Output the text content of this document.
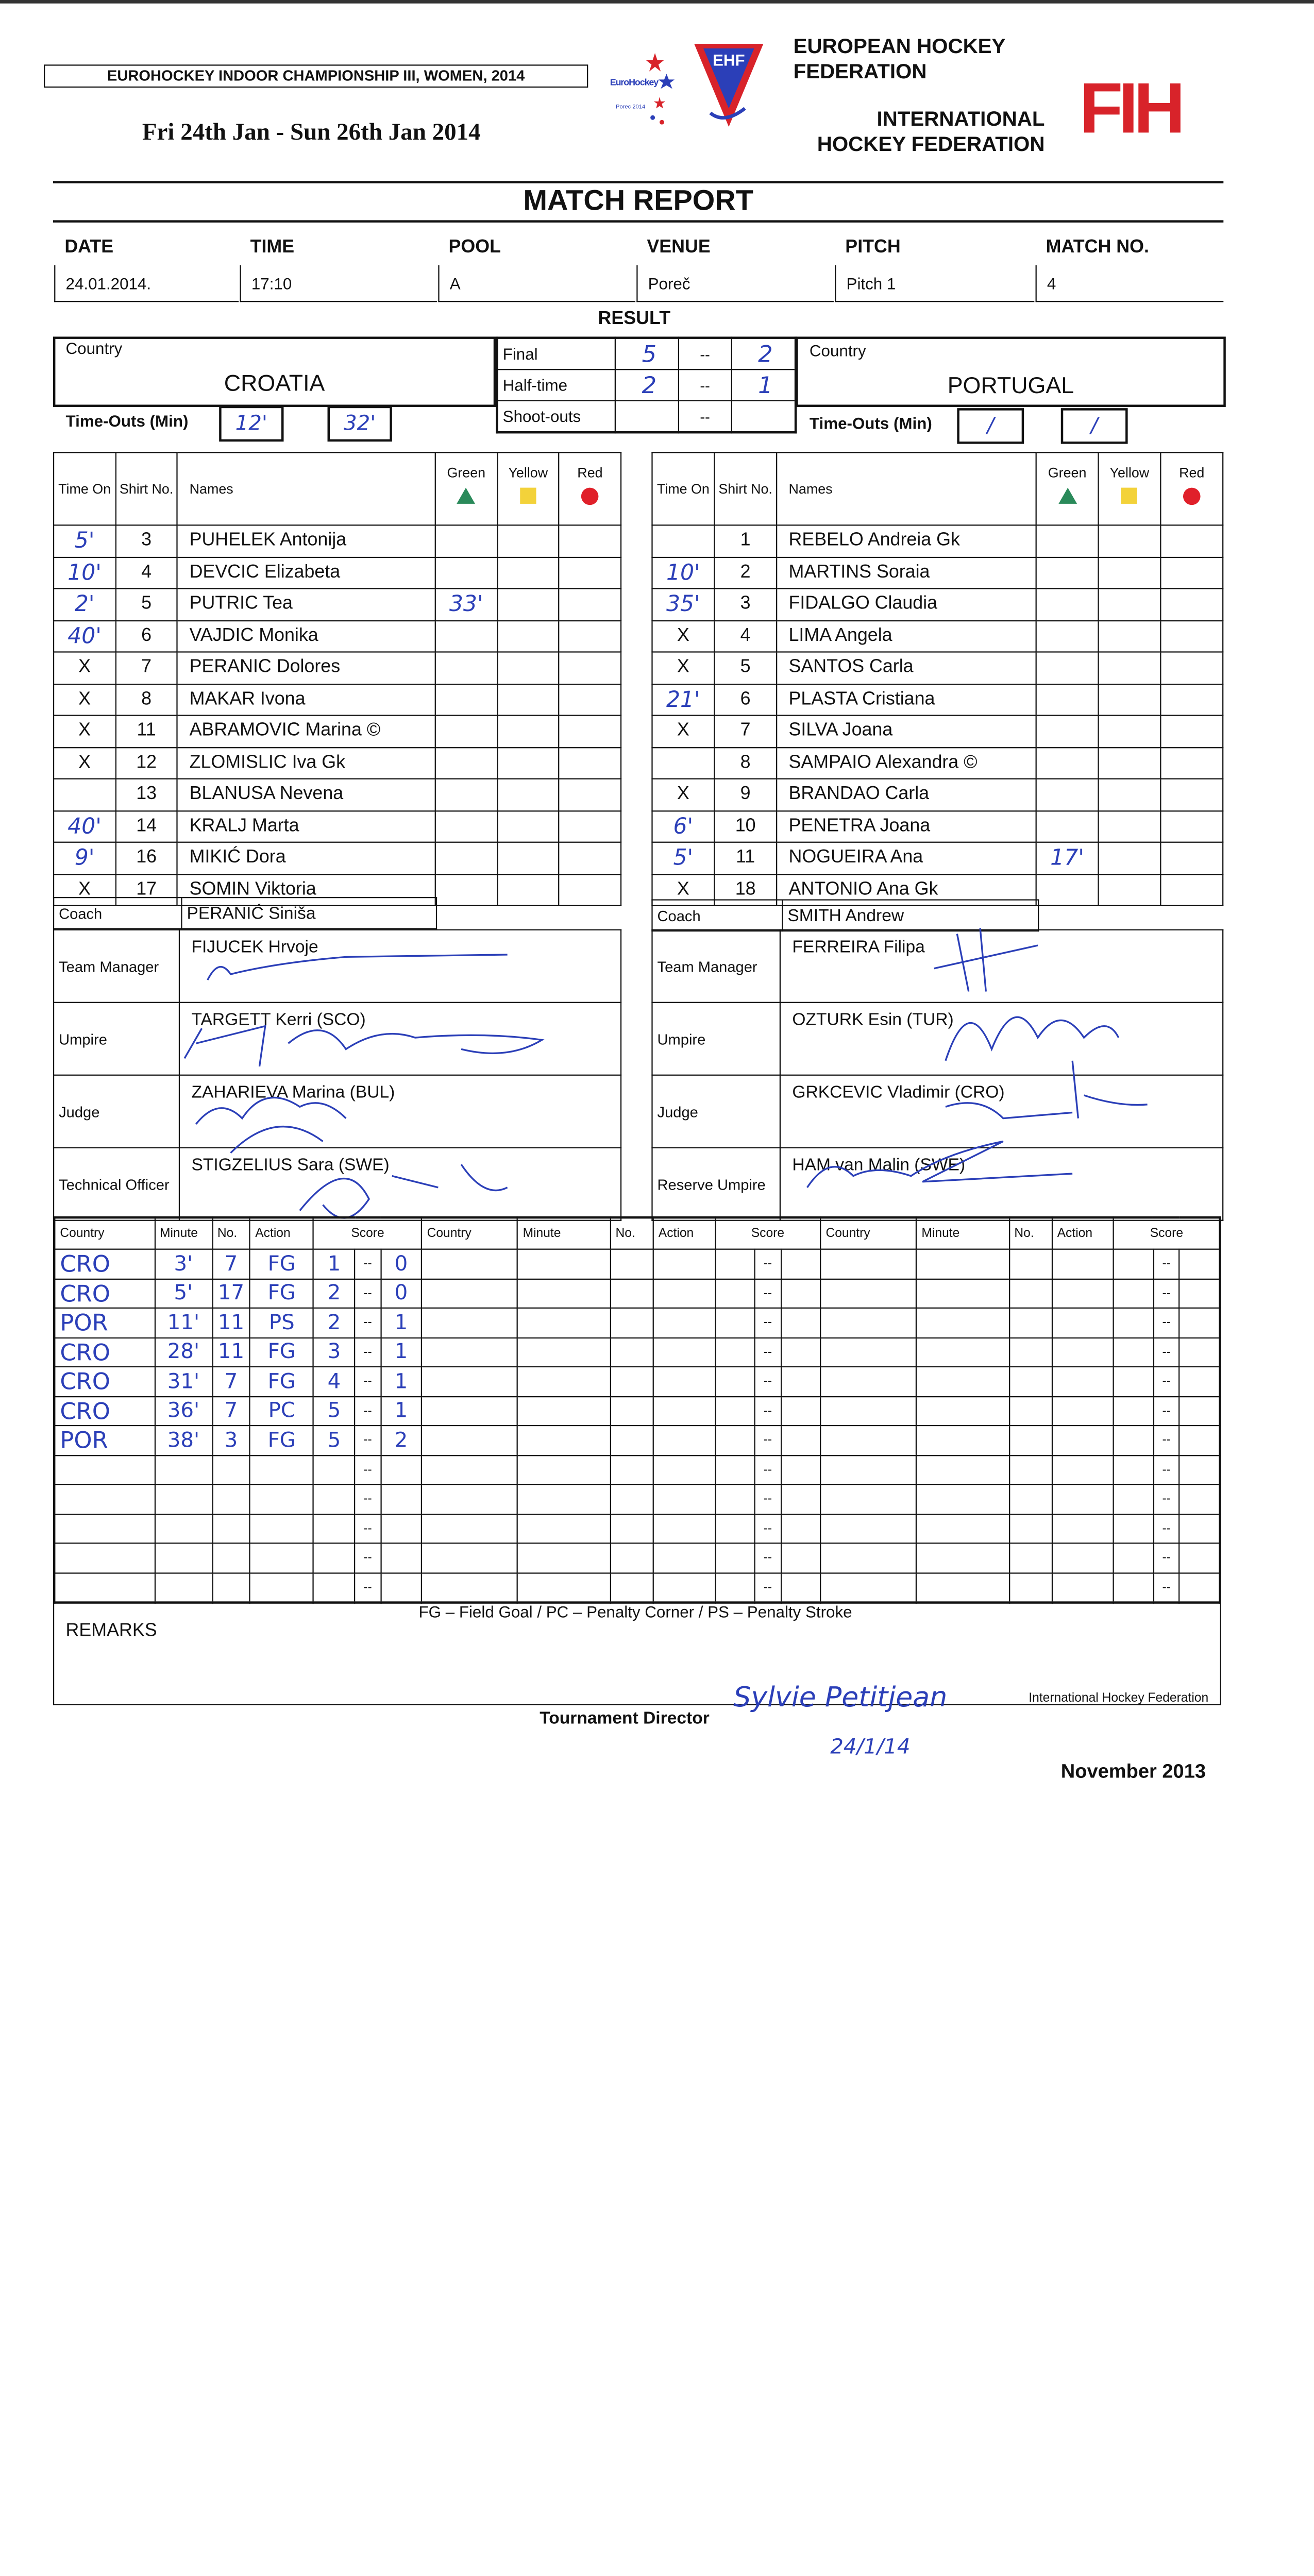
EUROHOCKEY INDOOR CHAMPIONSHIP III, WOMEN, 2014
Fri 24th Jan - Sun 26th Jan 2014
EuroHockey
Porec 2014
EHF
EUROPEAN HOCKEY
FEDERATION
INTERNATIONAL
HOCKEY FEDERATION FIH
MATCH REPORT
DATE
24.01.2014.
TIME
17:10
POOL
A
VENUE
Poreč
PITCH
Pitch 1
MATCH NO.
4
RESULT
Country
CROATIA
Country
PORTUGAL
Final	5	--	2
Half-time	2	--	1
Shoot-outs		--	
Time-Outs (Min)	12'	32'	Time-Outs (Min)	/	/
Time On	Shirt No.	Names	Green	Yellow	Red

5'	3	PUHELEK Antonija			
10'	4	DEVCIC Elizabeta			
2'	5	PUTRIC Tea	33'		
40'	6	VAJDIC Monika			
X	7	PERANIC Dolores			
X	8	MAKAR Ivona			
X	11	ABRAMOVIC Marina ©			
X	12	ZLOMISLIC Iva Gk			
	13	BLANUSA Nevena			
40'	14	KRALJ Marta			
9'	16	MIKIĆ Dora			
X	17	SOMIN Viktoria			
Time On	Shirt No.	Names	Green	Yellow	Red

	1	REBELO Andreia Gk			
10'	2	MARTINS Soraia			
35'	3	FIDALGO Claudia			
X	4	LIMA Angela			
X	5	SANTOS Carla			
21'	6	PLASTA Cristiana			
X	7	SILVA Joana			
	8	SAMPAIO Alexandra ©			
X	9	BRANDAO Carla			
6'	10	PENETRA Joana			
5'	11	NOGUEIRA Ana	17'		
X	18	ANTONIO Ana Gk			
Coach	PERANIĆ Siniša	Coach	SMITH Andrew
Team Manager	FIJUCEK Hrvoje
Umpire	TARGETT Kerri (SCO)
Judge	ZAHARIEVA Marina (BUL)
Technical Officer	STIGZELIUS Sara (SWE)
Team Manager	FERREIRA Filipa
Umpire	OZTURK Esin (TUR)
Judge	GRKCEVIC Vladimir (CRO)
Reserve Umpire	HAM van Malin (SWE)
Country	Minute	No.	Action	Score			Country	Minute	No.	Action	Score			Country	Minute	No.	Action	Score		
CRO	3'	7	FG	1	--	0						--							--	
CRO	5'	17	FG	2	--	0						--							--	
POR	11'	11	PS	2	--	1						--							--	
CRO	28'	11	FG	3	--	1						--							--	
CRO	31'	7	FG	4	--	1						--							--	
CRO	36'	7	PC	5	--	1						--							--	
POR	38'	3	FG	5	--	2						--							--	
					--							--							--	
					--							--							--	
					--							--							--	
					--							--							--	
					--							--							--	
FG – Field Goal / PC – Penalty Corner / PS – Penalty Stroke
REMARKS
International Hockey Federation
Tournament Director
Sylvie Petitjean
24/1/14
November 2013
